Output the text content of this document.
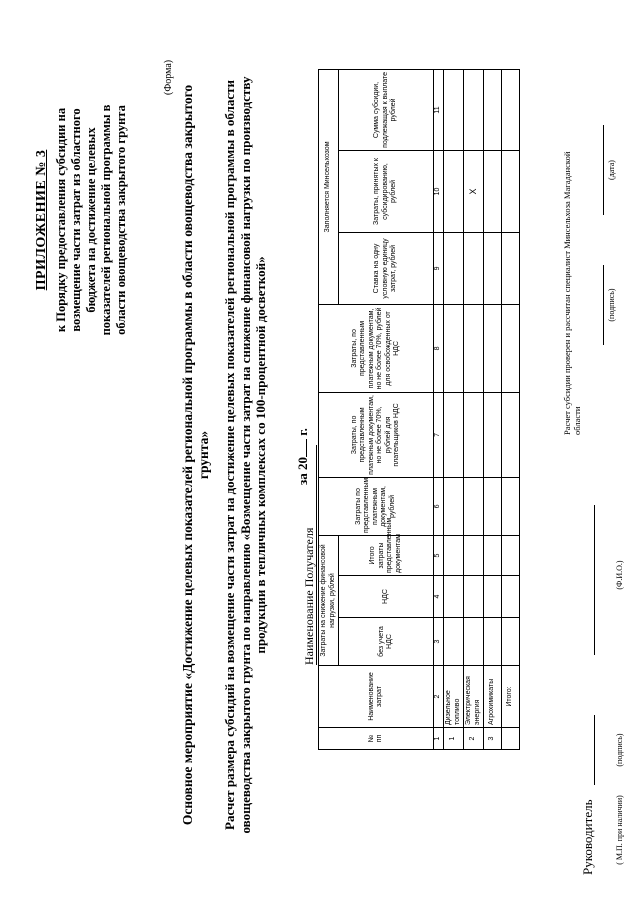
ПРИЛОЖЕНИЕ № 3 к Порядку предоставления субсидии на возмещение части затрат из областного бюджета на достижение целевых показателей региональной программы в области овощеводства закрытого грунта
(Форма)
Основное мероприятие «Достижение целевых показателей региональной программы в области овощеводства закрытого грунта» Расчет размера субсидий на возмещение части затрат на достижение целевых показателей региональной программы в области овощеводства закрытого грунта по направлению «Возмещение части затрат на снижение финансовой нагрузки по производству продукции в тепличных комплексах со 100-процентной досветкой» за 20 г.
Наименование Получателя
№ пп	Наименование затрат	Затраты на снижение финансовой нагрузки, рублей			Затраты по представленным платежным документам, рублей	Затраты, по представленным платежным документам, но не более 70%, рублей для плательщиков НДС	Затраты, по представленным платежным документам, но не более 70%, рублей для освобожденных от НДС	Заполняется Минсельхозом		
		без учета НДС	НДС	Итого затраты представленным документам				Ставка на одну условную единицу затрат, рублей	Затраты, принятых к субсидированию, рублей	Сумма субсидии, подлежащая к выплате рублей
1	2	3	4	5	6	7	8	9	10	11
1	Дизельное топливо									
2	Электрическая энергия								X	
3	Агрохимикаты									
	Итого:									
Руководитель	( М.П. при наличии)
(подпись)
(Ф.И.О.)
Расчет субсидии проверен и рассчитан специалист Минсельхоза Магаданской области
(подпись)
(дата)
